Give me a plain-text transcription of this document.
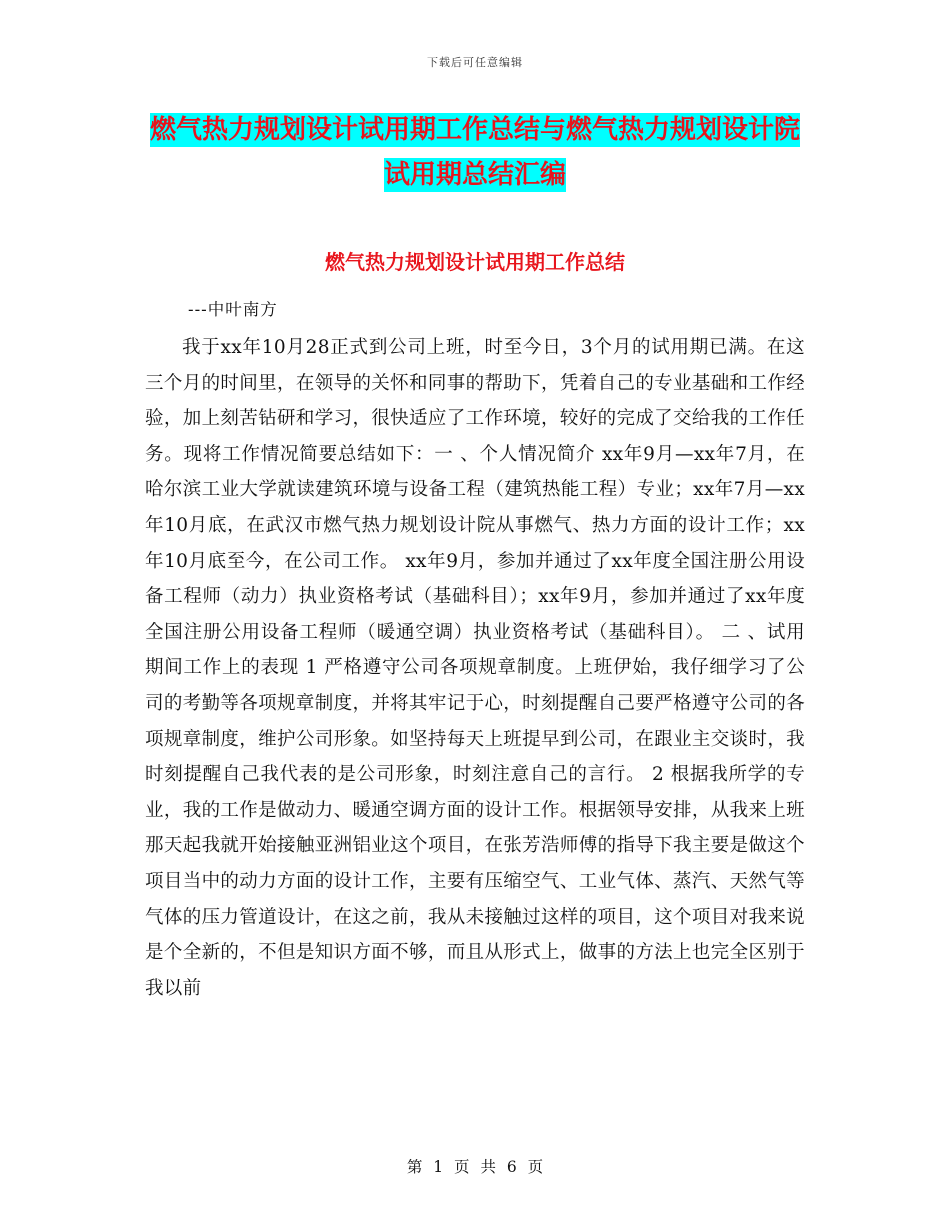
下载后可任意编辑
燃气热力规划设计试用期工作总结与燃气热力规划设计院试用期总结汇编
燃气热力规划设计试用期工作总结
---中叶南方

我于xx年10月28正式到公司上班，时至今日，3个月的试用期已满。在这三个月的时间里，在领导的关怀和同事的帮助下，凭着自己的专业基础和工作经验，加上刻苦钻研和学习，很快适应了工作环境，较好的完成了交给我的工作任务。现将工作情况简要总结如下：一 、个人情况简介 xx年9月—xx年7月，在哈尔滨工业大学就读建筑环境与设备工程（建筑热能工程）专业；xx年7月—xx年10月底，在武汉市燃气热力规划设计院从事燃气、热力方面的设计工作；xx年10月底至今，在公司工作。 xx年9月，参加并通过了xx年度全国注册公用设备工程师（动力）执业资格考试（基础科目）；xx年9月，参加并通过了xx年度全国注册公用设备工程师（暖通空调）执业资格考试（基础科目）。 二 、试用期间工作上的表现 1 严格遵守公司各项规章制度。上班伊始，我仔细学习了公司的考勤等各项规章制度，并将其牢记于心，时刻提醒自己要严格遵守公司的各项规章制度，维护公司形象。如坚持每天上班提早到公司，在跟业主交谈时，我时刻提醒自己我代表的是公司形象，时刻注意自己的言行。 2 根据我所学的专业，我的工作是做动力、暖通空调方面的设计工作。根据领导安排，从我来上班那天起我就开始接触亚洲铝业这个项目，在张芳浩师傅的指导下我主要是做这个项目当中的动力方面的设计工作，主要有压缩空气、工业气体、蒸汽、天然气等气体的压力管道设计，在这之前，我从未接触过这样的项目，这个项目对我来说是个全新的，不但是知识方面不够，而且从形式上，做事的方法上也完全区别于我以前

第 1 页 共 6 页
